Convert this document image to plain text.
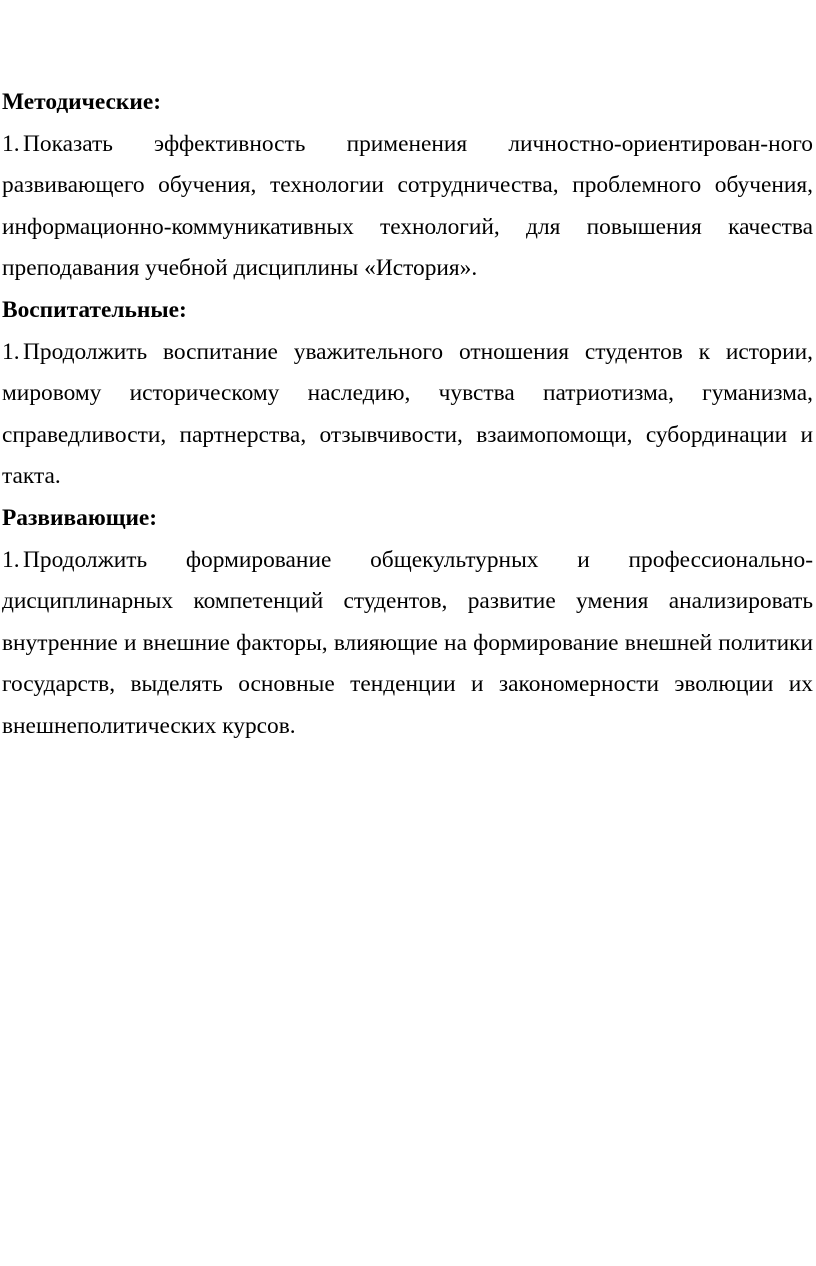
Методические:

1. Показать эффективность применения личностно-ориентирован-ного развивающего обучения, технологии сотрудничества, проблемного обучения, информационно-коммуникативных технологий, для повышения качества преподавания учебной дисциплины «История».

Воспитательные:

1. Продолжить воспитание уважительного отношения студентов к истории, мировому историческому наследию, чувства патриотизма, гуманизма, справедливости, партнерства, отзывчивости, взаимопомощи, субординации и такта.

Развивающие:

1. Продолжить формирование общекультурных и профессионально-дисциплинарных компетенций студентов, развитие умения анализировать внутренние и внешние факторы, влияющие на формирование внешней политики государств, выделять основные тенденции и закономерности эволюции их внешнеполитических курсов.
